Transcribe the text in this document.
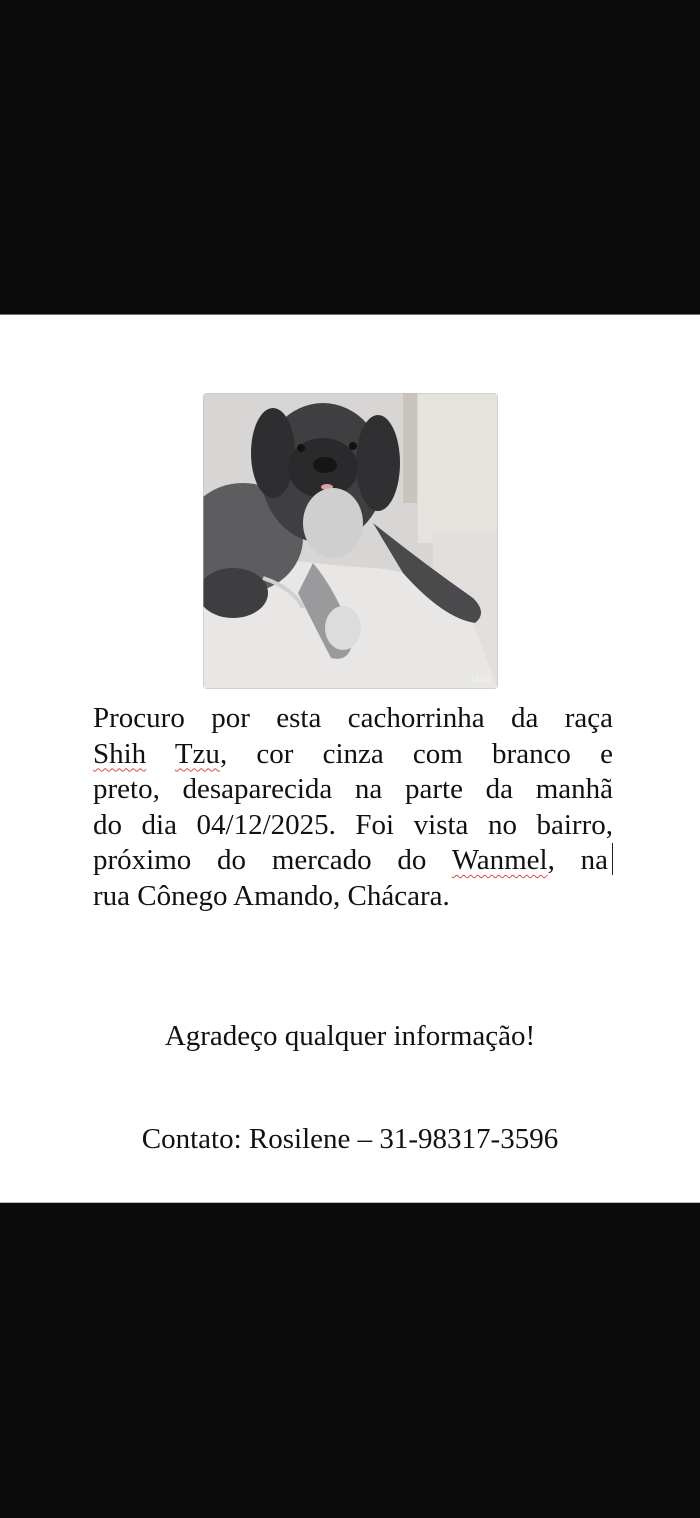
14:02
Procuro por esta cachorrinha da raça
Shih Tzu, cor cinza com branco e
preto, desaparecida na parte da manhã
do dia 04/12/2025. Foi vista no bairro,
próximo do mercado do Wanmel, na
rua Cônego Amando, Chácara.
Agradeço qualquer informação!
Contato: Rosilene – 31-98317-3596
